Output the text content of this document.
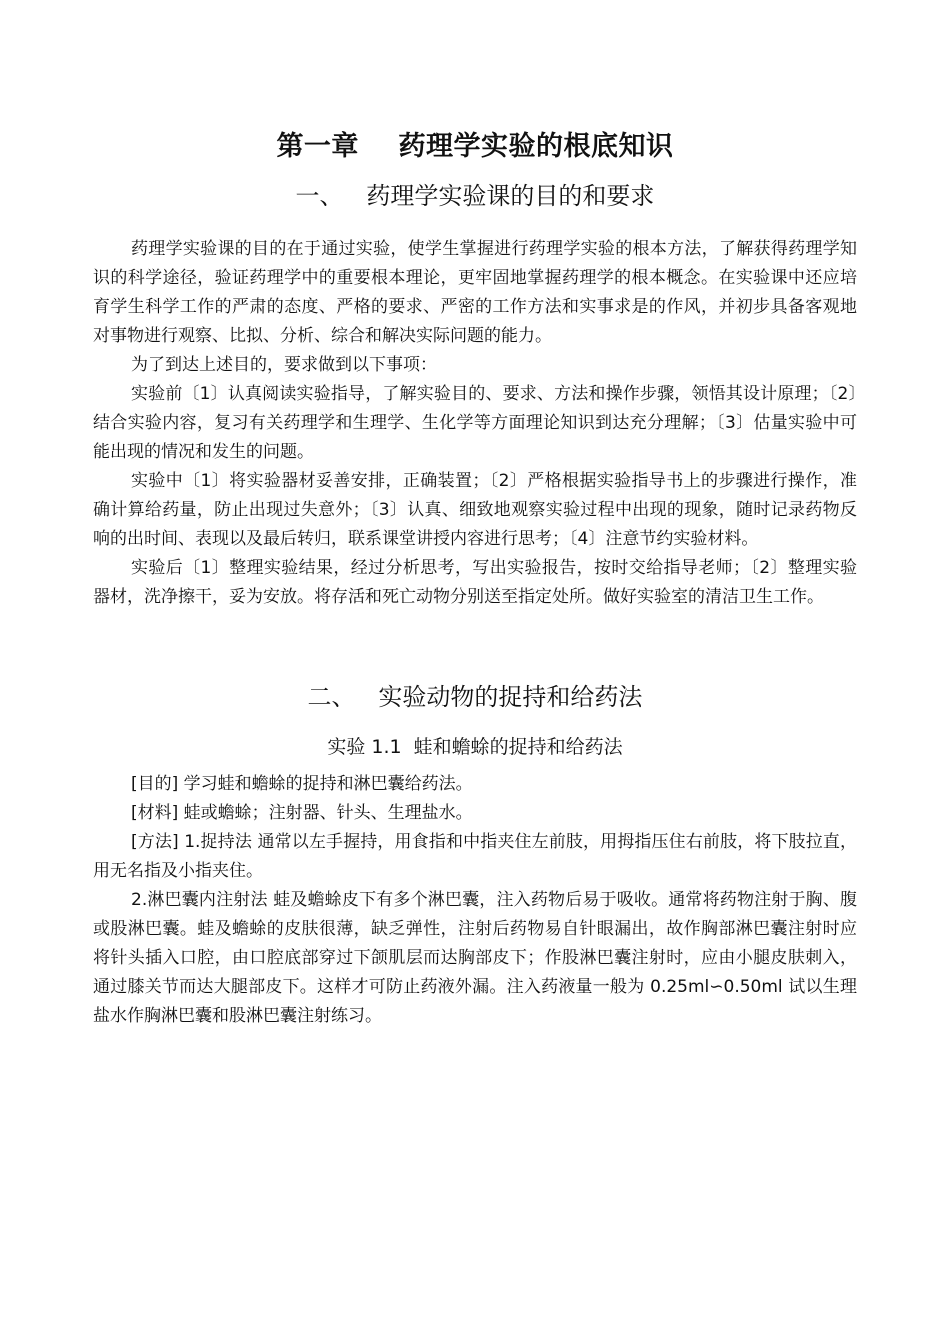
第一章    药理学实验的根底知识
一、   药理学实验课的目的和要求

药理学实验课的目的在于通过实验，使学生掌握进行药理学实验的根本方法，了解获得药理学知识的科学途径，验证药理学中的重要根本理论，更牢固地掌握药理学的根本概念。在实验课中还应培育学生科学工作的严肃的态度、严格的要求、严密的工作方法和实事求是的作风，并初步具备客观地对事物进行观察、比拟、分析、综合和解决实际问题的能力。

为了到达上述目的，要求做到以下事项：

实验前〔1〕认真阅读实验指导，了解实验目的、要求、方法和操作步骤，领悟其设计原理；〔2〕结合实验内容，复习有关药理学和生理学、生化学等方面理论知识到达充分理解；〔3〕估量实验中可能出现的情况和发生的问题。

实验中〔1〕将实验器材妥善安排，正确装置；〔2〕严格根据实验指导书上的步骤进行操作，准确计算给药量，防止出现过失意外；〔3〕认真、细致地观察实验过程中出现的现象，随时记录药物反响的出时间、表现以及最后转归，联系课堂讲授内容进行思考；〔4〕注意节约实验材料。

实验后〔1〕整理实验结果，经过分析思考，写出实验报告，按时交给指导老师；〔2〕整理实验器材，洗净擦干，妥为安放。将存活和死亡动物分别送至指定处所。做好实验室的清洁卫生工作。

二、   实验动物的捉持和给药法
实验 1.1  蛙和蟾蜍的捉持和给药法

[目的] 学习蛙和蟾蜍的捉持和淋巴囊给药法。

[材料] 蛙或蟾蜍；注射器、针头、生理盐水。

[方法] 1.捉持法 通常以左手握持，用食指和中指夹住左前肢，用拇指压住右前肢，将下肢拉直，用无名指及小指夹住。

2.淋巴囊内注射法 蛙及蟾蜍皮下有多个淋巴囊，注入药物后易于吸收。通常将药物注射于胸、腹或股淋巴囊。蛙及蟾蜍的皮肤很薄，缺乏弹性，注射后药物易自针眼漏出，故作胸部淋巴囊注射时应将针头插入口腔，由口腔底部穿过下颌肌层而达胸部皮下；作股淋巴囊注射时，应由小腿皮肤刺入，通过膝关节而达大腿部皮下。这样才可防止药液外漏。注入药液量一般为 0.25ml∽0.50ml 试以生理盐水作胸淋巴囊和股淋巴囊注射练习。
